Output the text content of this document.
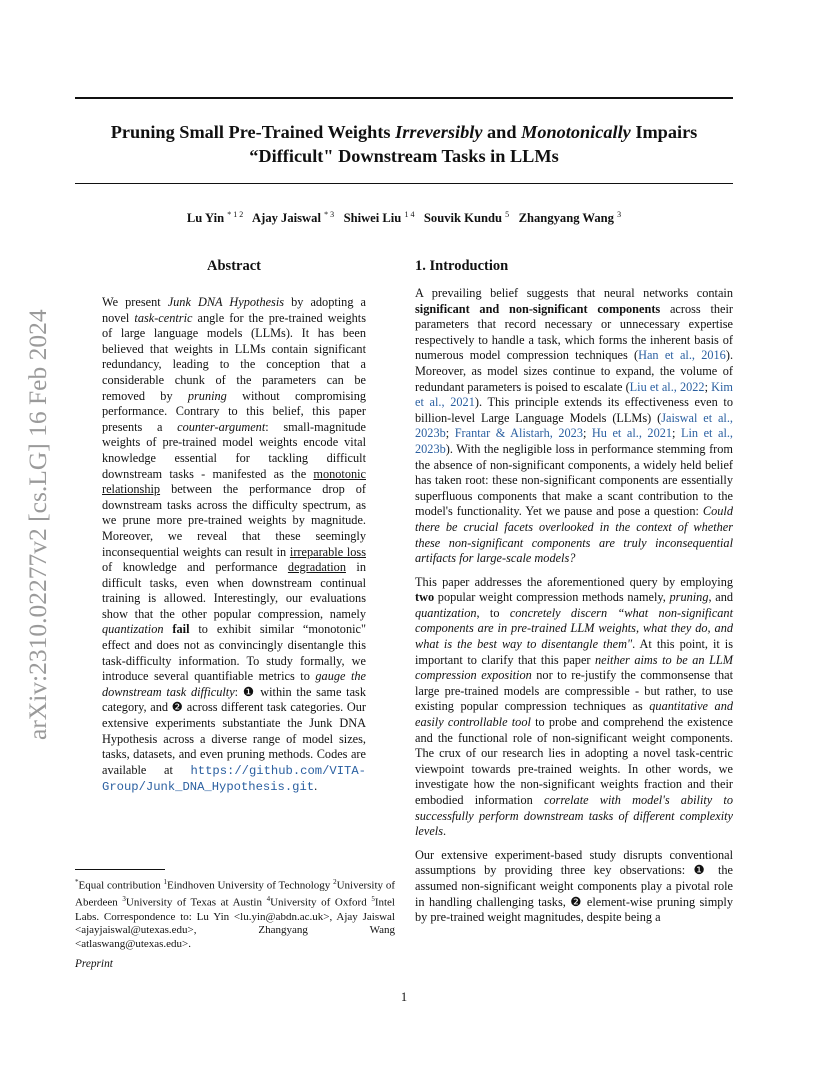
Pruning Small Pre-Trained Weights Irreversibly and Monotonically Impairs
“Difficult" Downstream Tasks in LLMs

Lu Yin $^{* 1 2}$ Ajay Jaiswal $^{* 3}$ Shiwei Liu $^{1 4}$ Souvik Kundu $^5$ Zhangyang Wang $^3$

arXiv:2310.02277v2 [cs.LG] 16 Feb 2024
Abstract

We present Junk DNA Hypothesis by adopting a novel task-centric angle for the pre-trained weights of large language models (LLMs). It has been believed that weights in LLMs contain significant redundancy, leading to the conception that a considerable chunk of the parameters can be removed by pruning without compromising performance. Contrary to this belief, this paper presents a counter-argument: small-magnitude weights of pre-trained model weights encode vital knowledge essential for tackling difficult downstream tasks - manifested as the monotonic relationship between the performance drop of downstream tasks across the difficulty spectrum, as we prune more pre-trained weights by magnitude. Moreover, we reveal that these seemingly inconsequential weights can result in irreparable loss of knowledge and performance degradation in difficult tasks, even when downstream continual training is allowed. Interestingly, our evaluations show that the other popular compression, namely quantization fail to exhibit similar “monotonic" effect and does not as convincingly disentangle this task-difficulty information. To study formally, we introduce several quantifiable metrics to gauge the downstream task difficulty: ❶ within the same task category, and ❷ across different task categories. Our extensive experiments substantiate the Junk DNA Hypothesis across a diverse range of model sizes, tasks, datasets, and even pruning methods. Codes are available at https://github.com/VITA-Group/Junk_DNA_Hypothesis.git.

1. Introduction

A prevailing belief suggests that neural networks contain significant and non-significant components across their parameters that record necessary or unnecessary expertise respectively to handle a task, which forms the inherent basis of numerous model compression techniques (Han et al., 2016). Moreover, as model sizes continue to expand, the volume of redundant parameters is poised to escalate (Liu et al., 2022; Kim et al., 2021). This principle extends its effectiveness even to billion-level Large Language Models (LLMs) (Jaiswal et al., 2023b; Frantar & Alistarh, 2023; Hu et al., 2021; Lin et al., 2023b). With the negligible loss in performance stemming from the absence of non-significant components, a widely held belief has taken root: these non-significant components are essentially superfluous components that make a scant contribution to the model's functionality. Yet we pause and pose a question: Could there be crucial facets overlooked in the context of whether these non-significant components are truly inconsequential artifacts for large-scale models?

This paper addresses the aforementioned query by employing two popular weight compression methods namely, pruning, and quantization, to concretely discern “what non-significant components are in pre-trained LLM weights, what they do, and what is the best way to disentangle them". At this point, it is important to clarify that this paper neither aims to be an LLM compression exposition nor to re-justify the commonsense that large pre-trained models are compressible - but rather, to use existing popular compression techniques as quantitative and easily controllable tool to probe and comprehend the existence and the functional role of non-significant weight components. The crux of our research lies in adopting a novel task-centric viewpoint towards pre-trained weights. In other words, we investigate how the non-significant weights fraction and their embodied information correlate with model's ability to successfully perform downstream tasks of different complexity levels.

Our extensive experiment-based study disrupts conventional assumptions by providing three key observations: ❶ the assumed non-significant weight components play a pivotal role in handling challenging tasks, ❷ element-wise pruning simply by pre-trained weight magnitudes, despite being a

*Equal contribution $^1$Eindhoven University of Technology $^2$University of Aberdeen $^3$University of Texas at Austin $^4$University of Oxford $^5$Intel Labs. Correspondence to: Lu Yin <lu.yin@abdn.ac.uk>, Ajay Jaiswal <ajayjaiswal@utexas.edu>, Zhangyang Wang <atlaswang@utexas.edu>.

Preprint

1
